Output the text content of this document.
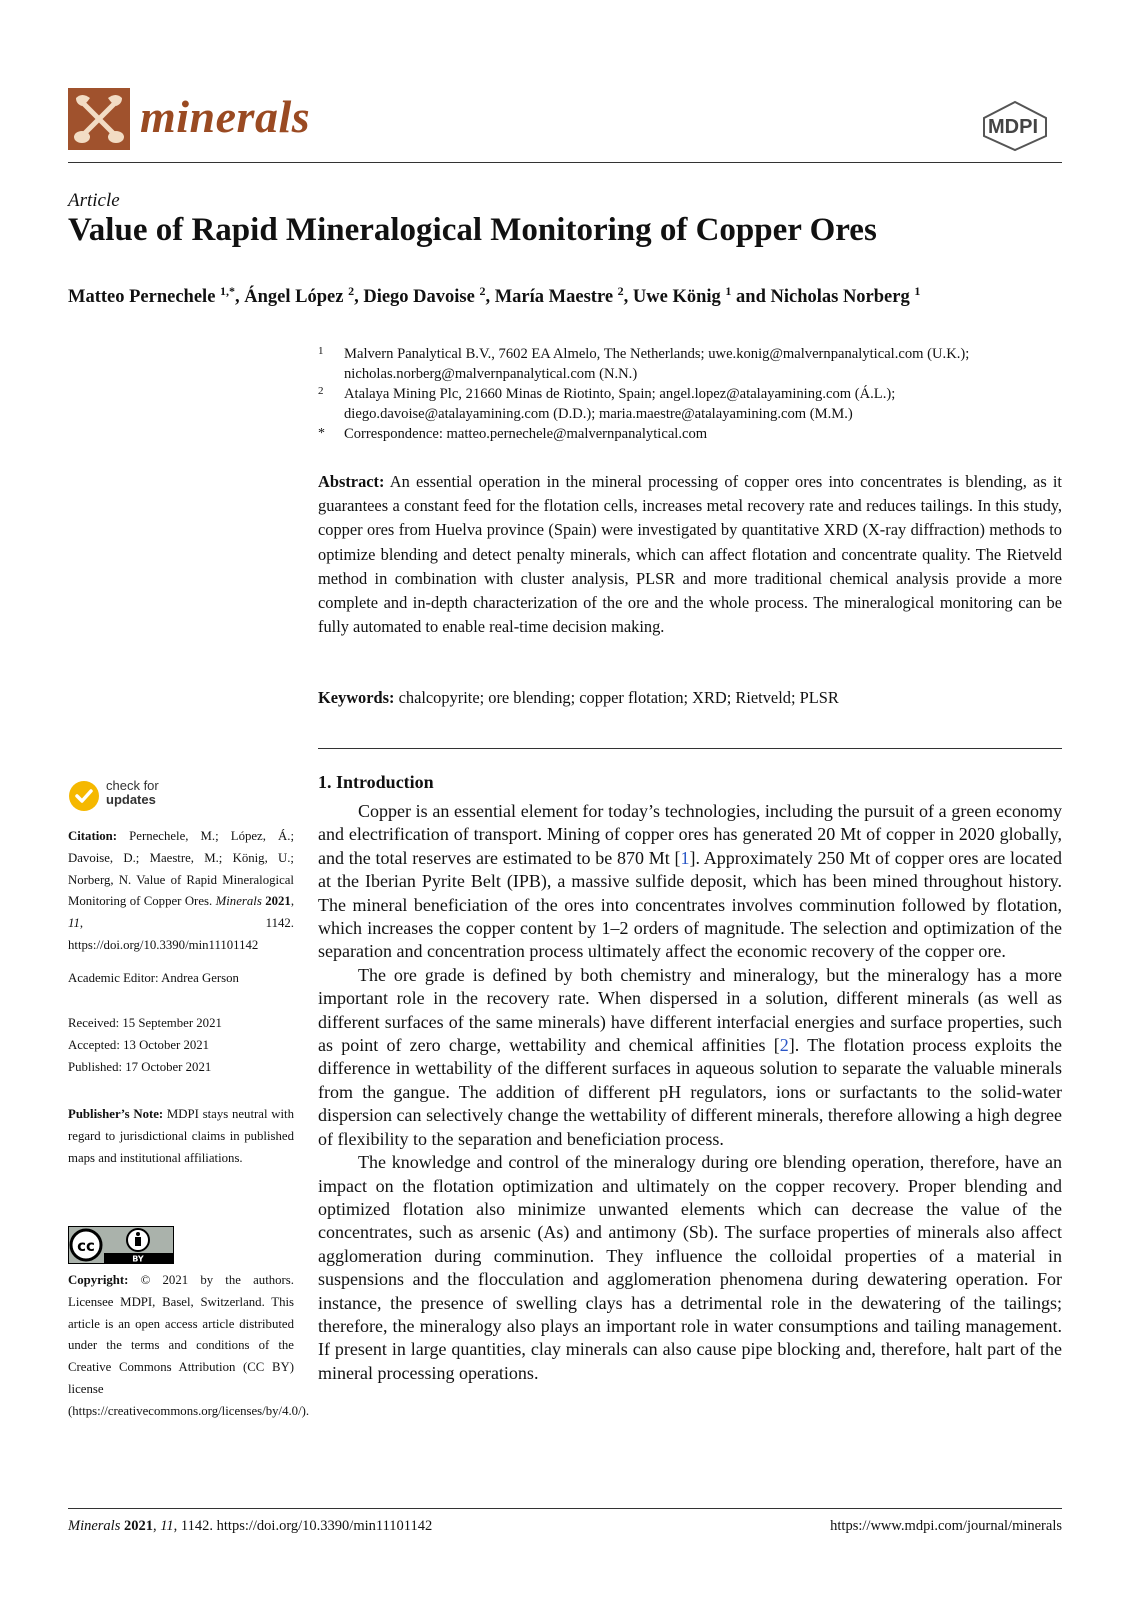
minerals	MDPI
Article
Value of Rapid Mineralogical Monitoring of Copper Ores
Matteo Pernechele $^{1,*}$, Ángel López $^2$, Diego Davoise $^2$, María Maestre $^2$, Uwe König $^1$ and Nicholas Norberg $^1$
1 Malvern Panalytical B.V., 7602 EA Almelo, The Netherlands; uwe.konig@malvernpanalytical.com (U.K.); nicholas.norberg@malvernpanalytical.com (N.N.)
2 Atalaya Mining Plc, 21660 Minas de Riotinto, Spain; angel.lopez@atalayamining.com (Á.L.); diego.davoise@atalayamining.com (D.D.); maria.maestre@atalayamining.com (M.M.)
* Correspondence: matteo.pernechele@malvernpanalytical.com
Abstract: An essential operation in the mineral processing of copper ores into concentrates is blending, as it guarantees a constant feed for the flotation cells, increases metal recovery rate and reduces tailings. In this study, copper ores from Huelva province (Spain) were investigated by quantitative XRD (X-ray diffraction) methods to optimize blending and detect penalty minerals, which can affect flotation and concentrate quality. The Rietveld method in combination with cluster analysis, PLSR and more traditional chemical analysis provide a more complete and in-depth characterization of the ore and the whole process. The mineralogical monitoring can be fully automated to enable real-time decision making.
Keywords: chalcopyrite; ore blending; copper flotation; XRD; Rietveld; PLSR
check for
updates
Citation: Pernechele, M.; López, Á.; Davoise, D.; Maestre, M.; König, U.; Norberg, N. Value of Rapid Mineralogical Monitoring of Copper Ores. Minerals 2021, 11, 1142. https://doi.org/10.3390/min11101142
Academic Editor: Andrea Gerson
Received: 15 September 2021
Accepted: 13 October 2021
Published: 17 October 2021
Publisher’s Note: MDPI stays neutral with regard to jurisdictional claims in published maps and institutional affiliations.
cc
BY
Copyright: © 2021 by the authors. Licensee MDPI, Basel, Switzerland. This article is an open access article distributed under the terms and conditions of the Creative Commons Attribution (CC BY) license (https://creativecommons.org/licenses/by/4.0/).
1. Introduction

Copper is an essential element for today’s technologies, including the pursuit of a green economy and electrification of transport. Mining of copper ores has generated 20 Mt of copper in 2020 globally, and the total reserves are estimated to be 870 Mt [1]. Approximately 250 Mt of copper ores are located at the Iberian Pyrite Belt (IPB), a massive sulfide deposit, which has been mined throughout history. The mineral beneficiation of the ores into concentrates involves comminution followed by flotation, which increases the copper content by 1–2 orders of magnitude. The selection and optimization of the separation and concentration process ultimately affect the economic recovery of the copper ore.

The ore grade is defined by both chemistry and mineralogy, but the mineralogy has a more important role in the recovery rate. When dispersed in a solution, different minerals (as well as different surfaces of the same minerals) have different interfacial energies and surface properties, such as point of zero charge, wettability and chemical affinities [2]. The flotation process exploits the difference in wettability of the different surfaces in aqueous solution to separate the valuable minerals from the gangue. The addition of different pH regulators, ions or surfactants to the solid-water dispersion can selectively change the wettability of different minerals, therefore allowing a high degree of flexibility to the separation and beneficiation process.

The knowledge and control of the mineralogy during ore blending operation, therefore, have an impact on the flotation optimization and ultimately on the copper recovery. Proper blending and optimized flotation also minimize unwanted elements which can decrease the value of the concentrates, such as arsenic (As) and antimony (Sb). The surface properties of minerals also affect agglomeration during comminution. They influence the colloidal properties of a material in suspensions and the flocculation and agglomeration phenomena during dewatering operation. For instance, the presence of swelling clays has a detrimental role in the dewatering of the tailings; therefore, the mineralogy also plays an important role in water consumptions and tailing management. If present in large quantities, clay minerals can also cause pipe blocking and, therefore, halt part of the mineral processing operations.

Minerals 2021, 11, 1142. https://doi.org/10.3390/min11101142	https://www.mdpi.com/journal/minerals
